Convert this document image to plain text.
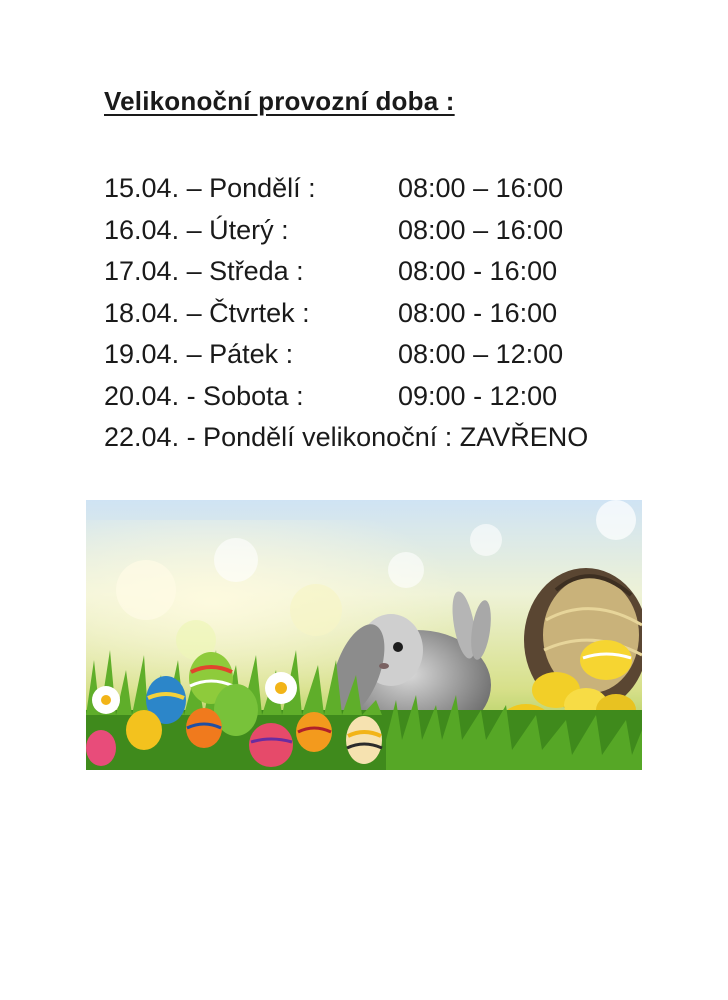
Velikonoční provozní doba :
15.04. – Pondělí :	08:00 – 16:00
16.04. – Úterý :	08:00 – 16:00
17.04. – Středa :	08:00 - 16:00
18.04. – Čtvrtek :	08:00 - 16:00
19.04. – Pátek :	08:00 – 12:00
20.04. - Sobota :	09:00 - 12:00
22.04. - Pondělí velikonoční : ZAVŘENO
